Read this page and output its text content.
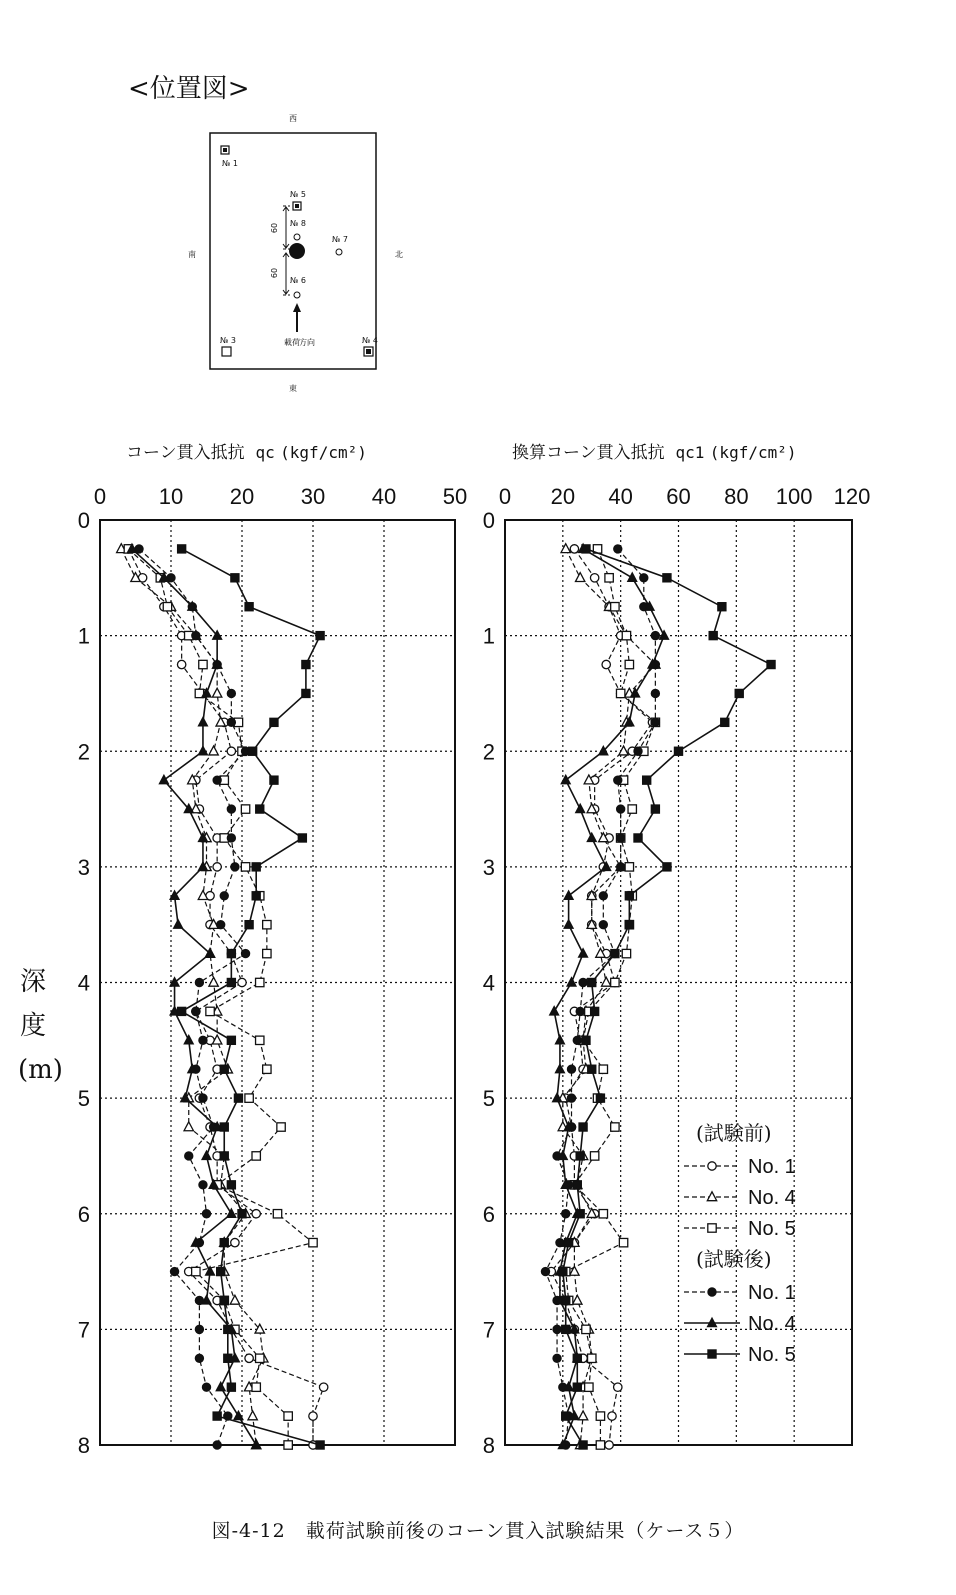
<位置図>
西
東
南	北
№ 1
№ 5
№ 8
№ 7
№ 6
60
60
載荷 方向
№ 3	№ 4
コーン貫入抵抗 qc (kgf/cm²)	換算コーン貫入抵抗 qc1 (kgf/cm²)
深 度 (m)
0 10 20 30 40 50
0
1
2
3
4
5
6
7
8
0 20 40 60 80 100 120
0
1
2
3
4
5
6
7
8
(試験前)
No. 1
No. 4
No. 5
(試験後)
No. 1
No. 4
No. 5
図-4-12　載荷試験前後のコーン貫入試験結果（ケース５）
